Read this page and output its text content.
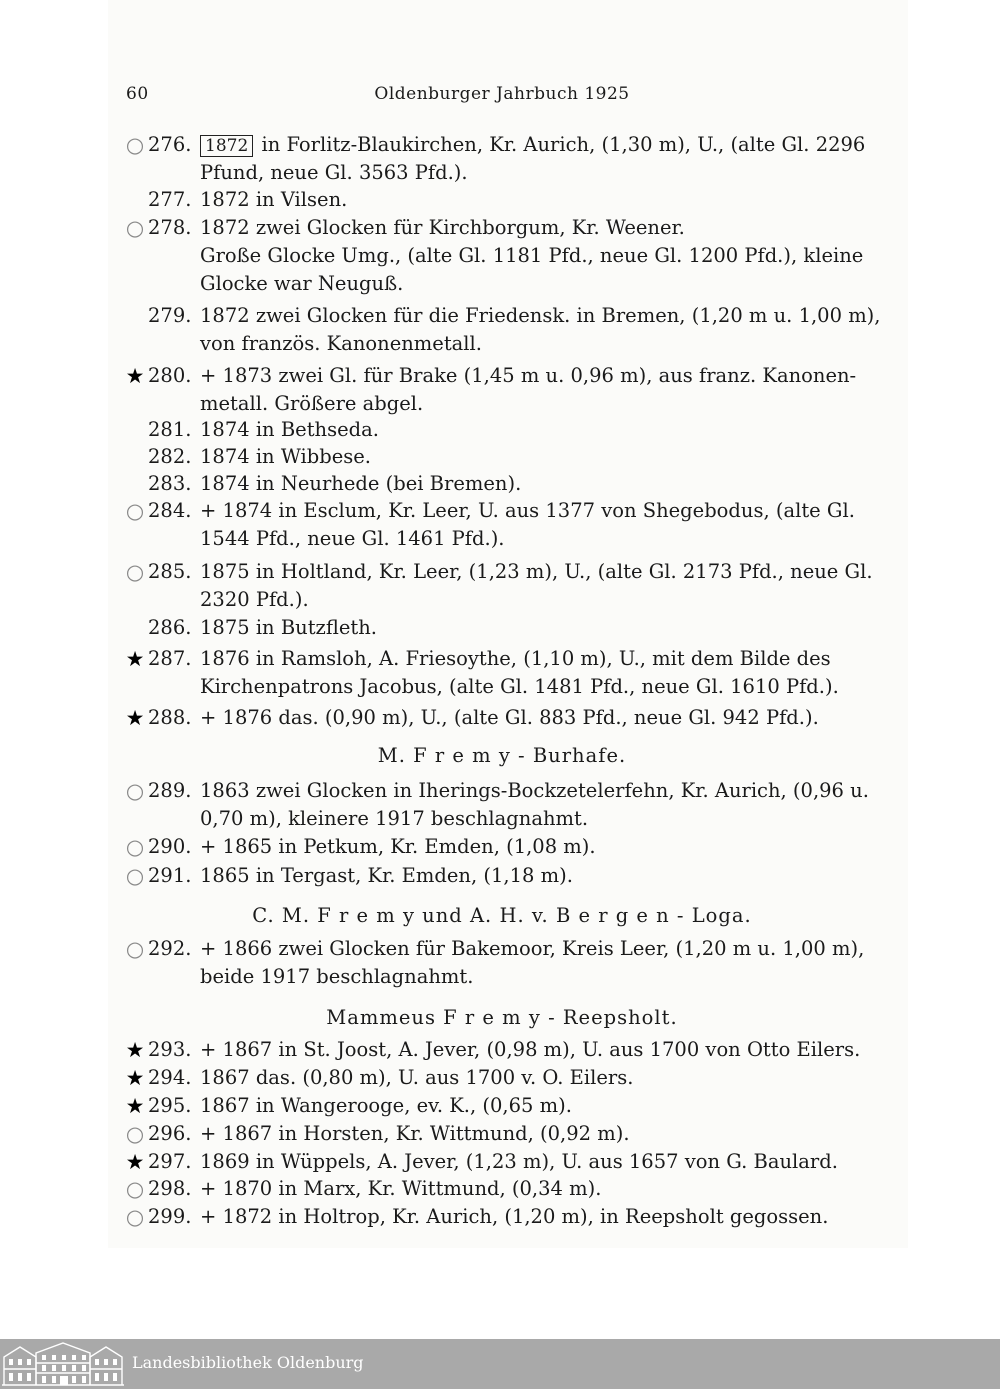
60	Oldenburger Jahrbuch 1925
○ 276. 1872 in Forlitz-Blaukirchen, Kr. Aurich, (1,30 m), U., (alte Gl. 2296
Pfund, neue Gl. 3563 Pfd.).
277. 1872 in Vilsen.
○ 278. 1872 zwei Glocken für Kirchborgum, Kr. Weener.
Große Glocke Umg., (alte Gl. 1181 Pfd., neue Gl. 1200 Pfd.), kleine
Glocke war Neuguß.
279. 1872 zwei Glocken für die Friedensk. in Bremen, (1,20 m u. 1,00 m),
von französ. Kanonenmetall.
★ 280. + 1873 zwei Gl. für Brake (1,45 m u. 0,96 m), aus franz. Kanonen-
metall. Größere abgel.
281. 1874 in Bethseda.
282. 1874 in Wibbese.
283. 1874 in Neurhede (bei Bremen).
○ 284. + 1874 in Esclum, Kr. Leer, U. aus 1377 von Shegebodus, (alte Gl.
1544 Pfd., neue Gl. 1461 Pfd.).
○ 285. 1875 in Holtland, Kr. Leer, (1,23 m), U., (alte Gl. 2173 Pfd., neue Gl.
2320 Pfd.).
286. 1875 in Butzfleth.
★ 287. 1876 in Ramsloh, A. Friesoythe, (1,10 m), U., mit dem Bilde des
Kirchenpatrons Jacobus, (alte Gl. 1481 Pfd., neue Gl. 1610 Pfd.).
★ 288. + 1876 das. (0,90 m), U., (alte Gl. 883 Pfd., neue Gl. 942 Pfd.).
M. F r e m y - Burhafe.
○ 289. 1863 zwei Glocken in Iherings-Bockzetelerfehn, Kr. Aurich, (0,96 u.
0,70 m), kleinere 1917 beschlagnahmt.
○ 290. + 1865 in Petkum, Kr. Emden, (1,08 m).
○ 291. 1865 in Tergast, Kr. Emden, (1,18 m).
C. M. F r e m y und A. H. v. B e r g e n - Loga.
○ 292. + 1866 zwei Glocken für Bakemoor, Kreis Leer, (1,20 m u. 1,00 m),
beide 1917 beschlagnahmt.
Mammeus F r e m y - Reepsholt.
★ 293. + 1867 in St. Joost, A. Jever, (0,98 m), U. aus 1700 von Otto Eilers.
★ 294. 1867 das. (0,80 m), U. aus 1700 v. O. Eilers.
★ 295. 1867 in Wangerooge, ev. K., (0,65 m).
○ 296. + 1867 in Horsten, Kr. Wittmund, (0,92 m).
★ 297. 1869 in Wüppels, A. Jever, (1,23 m), U. aus 1657 von G. Baulard.
○ 298. + 1870 in Marx, Kr. Wittmund, (0,34 m).
○ 299. + 1872 in Holtrop, Kr. Aurich, (1,20 m), in Reepsholt gegossen.
Landesbibliothek Oldenburg
